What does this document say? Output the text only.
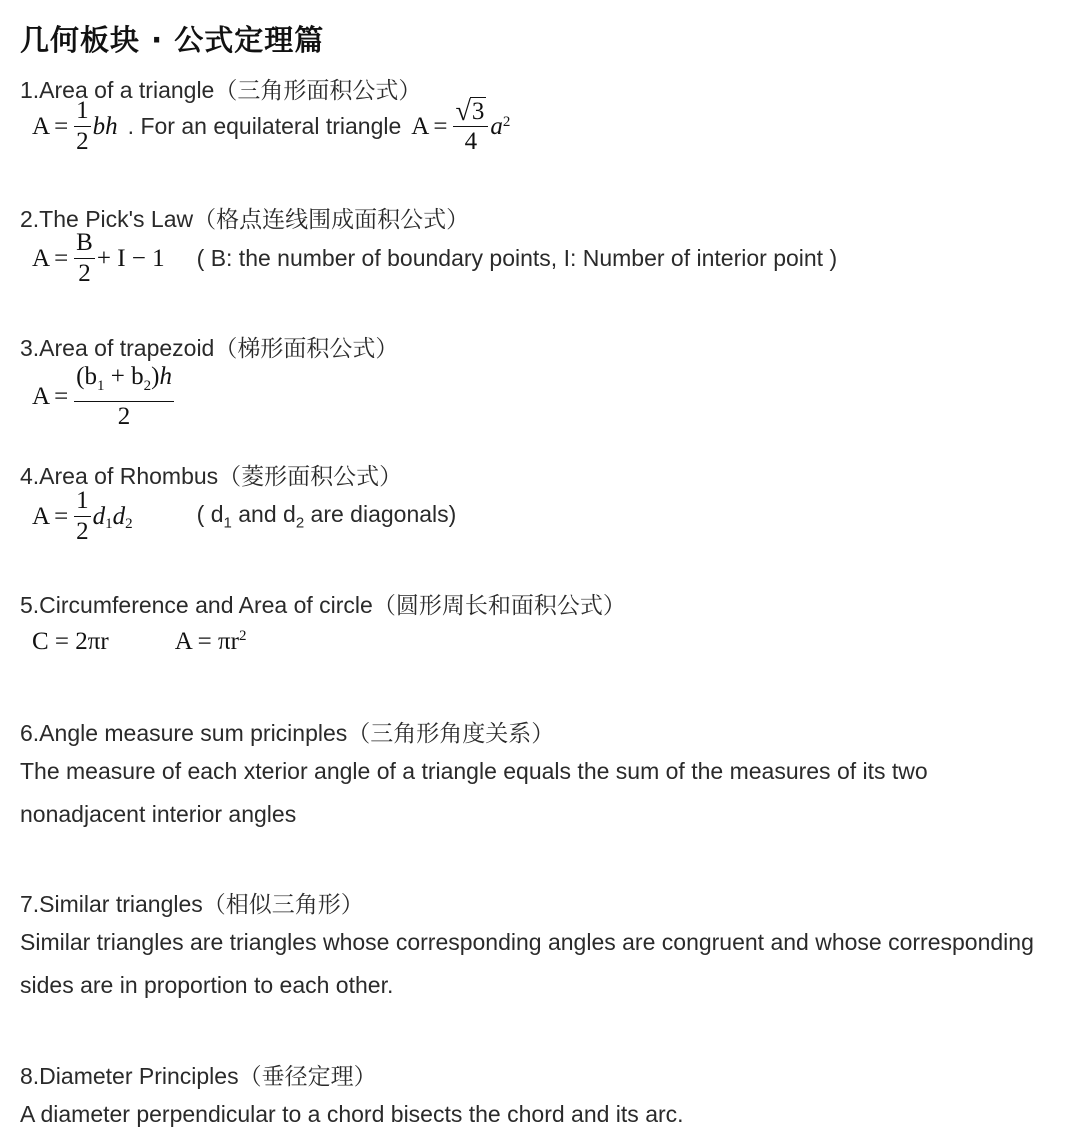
几何板块 · 公式定理篇
1.Area of a triangle（三角形面积公式）
$A = \frac{1}{2}$ bh . For an equilateral triangle $A = \frac{√ 3}{4}$ a 2
2.The Pick's Law（格点连线围成面积公式）
$A = \frac{B}{2} + I - 1$ ( B: the number of boundary points, I: Number of interior point )
3.Area of trapezoid（梯形面积公式）
$A = \frac{(b_1 + b_2)h}{2}$
4.Area of Rhombus（菱形面积公式）
$A = \frac{1}{2} d_1$ $d_2$	( $d_1$ and $d_2$ are diagonals)
5.Circumference and Area of circle（圆形周长和面积公式）
C = 2πr	$A = \pi r^2$
6.Angle measure sum pricinples（三角形角度关系）
The measure of each xterior angle of a triangle equals the sum of the measures of its two nonadjacent interior angles
7.Similar triangles（相似三角形）
Similar triangles are triangles whose corresponding angles are congruent and whose corresponding sides are in proportion to each other.
8.Diameter Principles（垂径定理）
A diameter perpendicular to a chord bisects the chord and its arc.
